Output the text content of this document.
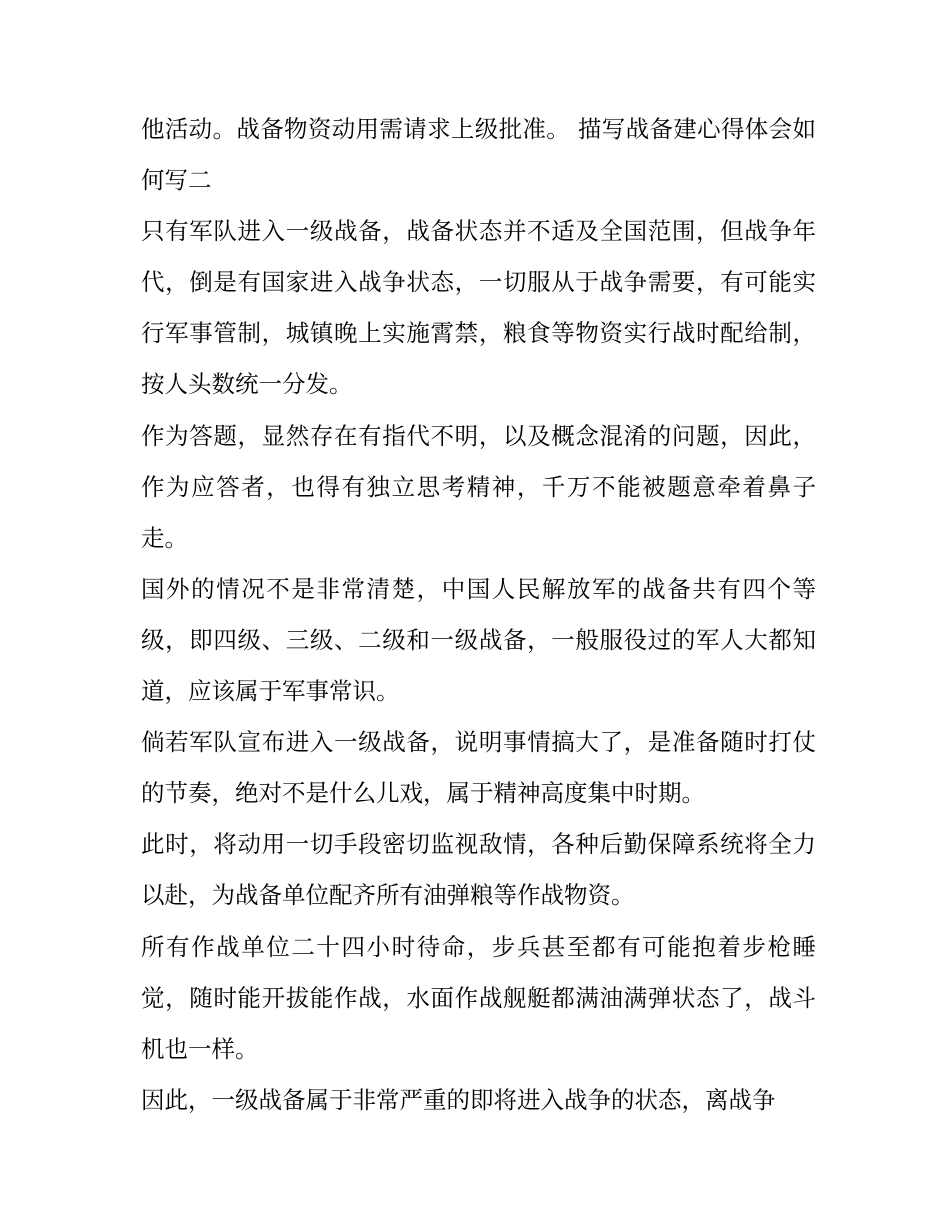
他活动。战备物资动用需请求上级批准。 描写战备建心得体会如何写二

只有军队进入一级战备，战备状态并不适及全国范围，但战争年代，倒是有国家进入战争状态，一切服从于战争需要，有可能实行军事管制，城镇晚上实施霄禁，粮食等物资实行战时配给制，按人头数统一分发。

作为答题，显然存在有指代不明，以及概念混淆的问题，因此，作为应答者，也得有独立思考精神，千万不能被题意牵着鼻子走。

国外的情况不是非常清楚，中国人民解放军的战备共有四个等级，即四级、三级、二级和一级战备，一般服役过的军人大都知道，应该属于军事常识。

倘若军队宣布进入一级战备，说明事情搞大了，是准备随时打仗的节奏，绝对不是什么儿戏，属于精神高度集中时期。

此时，将动用一切手段密切监视敌情，各种后勤保障系统将全力以赴，为战备单位配齐所有油弹粮等作战物资。

所有作战单位二十四小时待命，步兵甚至都有可能抱着步枪睡觉，随时能开拔能作战，水面作战舰艇都满油满弹状态了，战斗机也一样。

因此，一级战备属于非常严重的即将进入战争的状态，离战争
